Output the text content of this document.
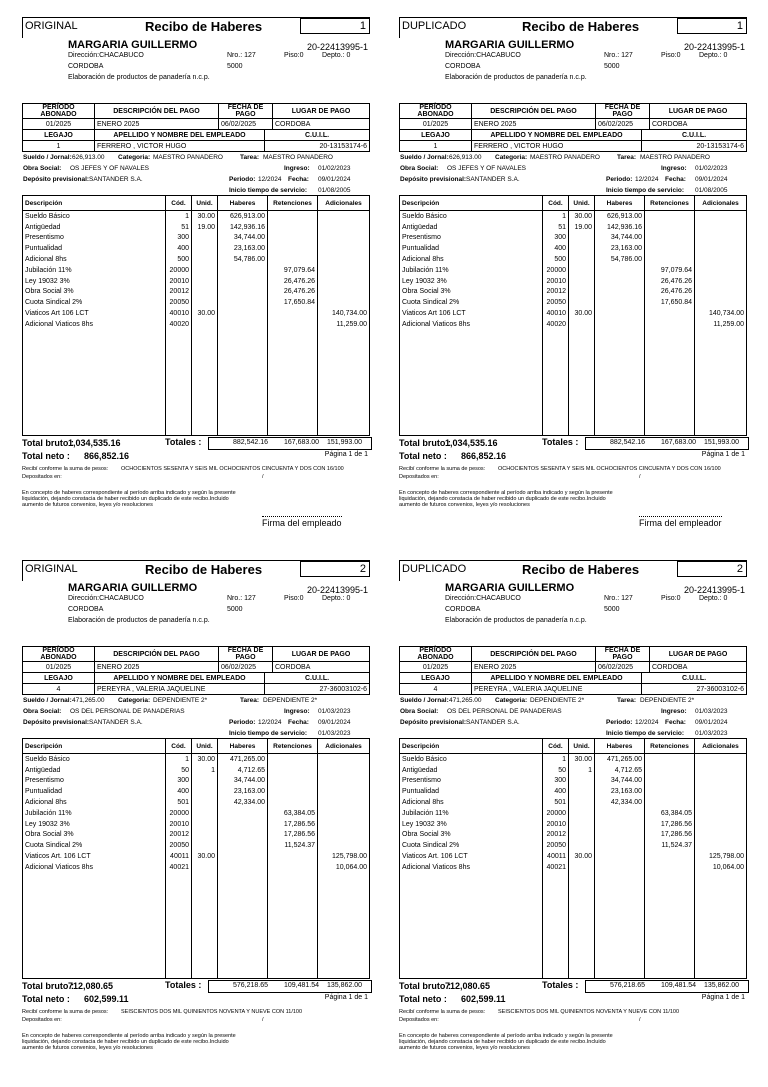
ORIGINAL	Recibo de Haberes	1
MARGARIA GUILLERMO	20-22413995-1
Dirección:CHACABUCO
CORDOBA
Nro.: 127
5000
Piso:0	Depto.: 0
Elaboración de productos de panadería n.c.p.
PERÍODO ABONADO	DESCRIPCIÓN DEL PAGO	FECHA DE PAGO	LUGAR DE PAGO
01/2025	ENERO 2025	06/02/2025	CORDOBA
LEGAJO	APELLIDO Y NOMBRE DEL EMPLEADO	C.U.I.L.
1	FERRERO , VICTOR HUGO	20-13153174-6
Sueldo / Jornal: 626,913.00 Categoria: MAESTRO PANADERO	Tarea: MAESTRO PANADERO
Obra Social: OS JEFES Y OF NAVALES	Ingreso: 01/02/2023
Depósito previsional: SANTANDER S.A.	Periodo: 12/2024 Fecha: 09/01/2024
Inicio tiempo de servicio: 01/08/2005
Descripción	Cód.	Unid.	Haberes	Retenciones	Adicionales
Sueldo Básico	1	30.00	626,913.00		
Antigüedad	51	19.00	142,936.16		
Presentismo	300		34,744.00		
Puntualidad	400		23,163.00		
Adicional 8hs	500		54,786.00		
Jubilación 11%	20000			97,079.64	
Ley 19032 3%	20010			26,476.26	
Obra Social 3%	20012			26,476.26	
Cuota Sindical 2%	20050			17,650.84	
Viaticos Art 106 LCT	40010	30.00			140,734.00
Adicional Viaticos 8hs	40020				11,259.00

Total bruto :
1,034,535.16	Totales :	882,542.16 167,683.00 151,993.00
Total neto : 866,852.16	Página 1 de 1
Recibí conforme la suma de pesos: OCHOCIENTOS SESENTA Y SEIS MIL OCHOCIENTOS CINCUENTA Y DOS CON 16/100
Depositados en:	/
En concepto de haberes correspondiente al período arriba indicado y según la presente
liquidación, dejando constacia de haber recibido un duplicado de este recibo.Incluido
aumento de futuros convenios, leyes y/o resoluciones
Firma del empleado
DUPLICADO	Recibo de Haberes	1
MARGARIA GUILLERMO	20-22413995-1
Dirección:CHACABUCO
CORDOBA
Nro.: 127
5000
Piso:0	Depto.: 0
Elaboración de productos de panadería n.c.p.
PERÍODO ABONADO	DESCRIPCIÓN DEL PAGO	FECHA DE PAGO	LUGAR DE PAGO
01/2025	ENERO 2025	06/02/2025	CORDOBA
LEGAJO	APELLIDO Y NOMBRE DEL EMPLEADO	C.U.I.L.
1	FERRERO , VICTOR HUGO	20-13153174-6
Sueldo / Jornal: 626,913.00 Categoria: MAESTRO PANADERO	Tarea: MAESTRO PANADERO
Obra Social: OS JEFES Y OF NAVALES	Ingreso: 01/02/2023
Depósito previsional: SANTANDER S.A.	Periodo: 12/2024 Fecha: 09/01/2024
Inicio tiempo de servicio: 01/08/2005
Descripción	Cód.	Unid.	Haberes	Retenciones	Adicionales
Sueldo Básico	1	30.00	626,913.00		
Antigüedad	51	19.00	142,936.16		
Presentismo	300		34,744.00		
Puntualidad	400		23,163.00		
Adicional 8hs	500		54,786.00		
Jubilación 11%	20000			97,079.64	
Ley 19032 3%	20010			26,476.26	
Obra Social 3%	20012			26,476.26	
Cuota Sindical 2%	20050			17,650.84	
Viaticos Art 106 LCT	40010	30.00			140,734.00
Adicional Viaticos 8hs	40020				11,259.00

Total bruto :
1,034,535.16	Totales :	882,542.16 167,683.00 151,993.00
Total neto : 866,852.16	Página 1 de 1
Recibí conforme la suma de pesos: OCHOCIENTOS SESENTA Y SEIS MIL OCHOCIENTOS CINCUENTA Y DOS CON 16/100
Depositados en:	/
En concepto de haberes correspondiente al período arriba indicado y según la presente
liquidación, dejando constacia de haber recibido un duplicado de este recibo.Incluido
aumento de futuros convenios, leyes y/o resoluciones
Firma del empleador
ORIGINAL	Recibo de Haberes	2
MARGARIA GUILLERMO	20-22413995-1
Dirección:CHACABUCO
CORDOBA
Nro.: 127
5000
Piso:0	Depto.: 0
Elaboración de productos de panadería n.c.p.
PERÍODO ABONADO	DESCRIPCIÓN DEL PAGO	FECHA DE PAGO	LUGAR DE PAGO
01/2025	ENERO 2025	06/02/2025	CORDOBA
LEGAJO	APELLIDO Y NOMBRE DEL EMPLEADO	C.U.I.L.
4	PEREYRA , VALERIA JAQUELINE	27-36003102-6
Sueldo / Jornal: 471,265.00 Categoria: DEPENDIENTE 2*	Tarea: DEPENDIENTE 2*
Obra Social: OS DEL PERSONAL DE PANADERIAS	Ingreso: 01/03/2023
Depósito previsional: SANTANDER S.A.	Periodo: 12/2024 Fecha: 09/01/2024
Inicio tiempo de servicio: 01/03/2023
Descripción	Cód.	Unid.	Haberes	Retenciones	Adicionales
Sueldo Básico	1	30.00	471,265.00		
Antigüedad	50	1	4,712.65		
Presentismo	300		34,744.00		
Puntualidad	400		23,163.00		
Adicional 8hs	501		42,334.00		
Jubilación 11%	20000			63,384.05	
Ley 19032 3%	20010			17,286.56	
Obra Social 3%	20012			17,286.56	
Cuota Sindical 2%	20050			11,524.37	
Viaticos Art. 106 LCT	40011	30.00			125,798.00
Adicional Viaticos 8hs	40021				10,064.00

Total bruto :
712,080.65	Totales :	576,218.65 109,481.54 135,862.00
Total neto : 602,599.11	Página 1 de 1
Recibí conforme la suma de pesos: SEISCIENTOS DOS MIL QUINIENTOS NOVENTA Y NUEVE CON 11/100
Depositados en:	/
En concepto de haberes correspondiente al período arriba indicado y según la presente
liquidación, dejando constacia de haber recibido un duplicado de este recibo.Incluido
aumento de futuros convenios, leyes y/o resoluciones
DUPLICADO	Recibo de Haberes	2
MARGARIA GUILLERMO	20-22413995-1
Dirección:CHACABUCO
CORDOBA
Nro.: 127
5000
Piso:0	Depto.: 0
Elaboración de productos de panadería n.c.p.
PERÍODO ABONADO	DESCRIPCIÓN DEL PAGO	FECHA DE PAGO	LUGAR DE PAGO
01/2025	ENERO 2025	06/02/2025	CORDOBA
LEGAJO	APELLIDO Y NOMBRE DEL EMPLEADO	C.U.I.L.
4	PEREYRA , VALERIA JAQUELINE	27-36003102-6
Sueldo / Jornal: 471,265.00 Categoria: DEPENDIENTE 2*	Tarea: DEPENDIENTE 2*
Obra Social: OS DEL PERSONAL DE PANADERIAS	Ingreso: 01/03/2023
Depósito previsional: SANTANDER S.A.	Periodo: 12/2024 Fecha: 09/01/2024
Inicio tiempo de servicio: 01/03/2023
Descripción	Cód.	Unid.	Haberes	Retenciones	Adicionales
Sueldo Básico	1	30.00	471,265.00		
Antigüedad	50	1	4,712.65		
Presentismo	300		34,744.00		
Puntualidad	400		23,163.00		
Adicional 8hs	501		42,334.00		
Jubilación 11%	20000			63,384.05	
Ley 19032 3%	20010			17,286.56	
Obra Social 3%	20012			17,286.56	
Cuota Sindical 2%	20050			11,524.37	
Viaticos Art. 106 LCT	40011	30.00			125,798.00
Adicional Viaticos 8hs	40021				10,064.00

Total bruto :
712,080.65	Totales :	576,218.65 109,481.54 135,862.00
Total neto : 602,599.11	Página 1 de 1
Recibí conforme la suma de pesos: SEISCIENTOS DOS MIL QUINIENTOS NOVENTA Y NUEVE CON 11/100
Depositados en:	/
En concepto de haberes correspondiente al período arriba indicado y según la presente
liquidación, dejando constacia de haber recibido un duplicado de este recibo.Incluido
aumento de futuros convenios, leyes y/o resoluciones
